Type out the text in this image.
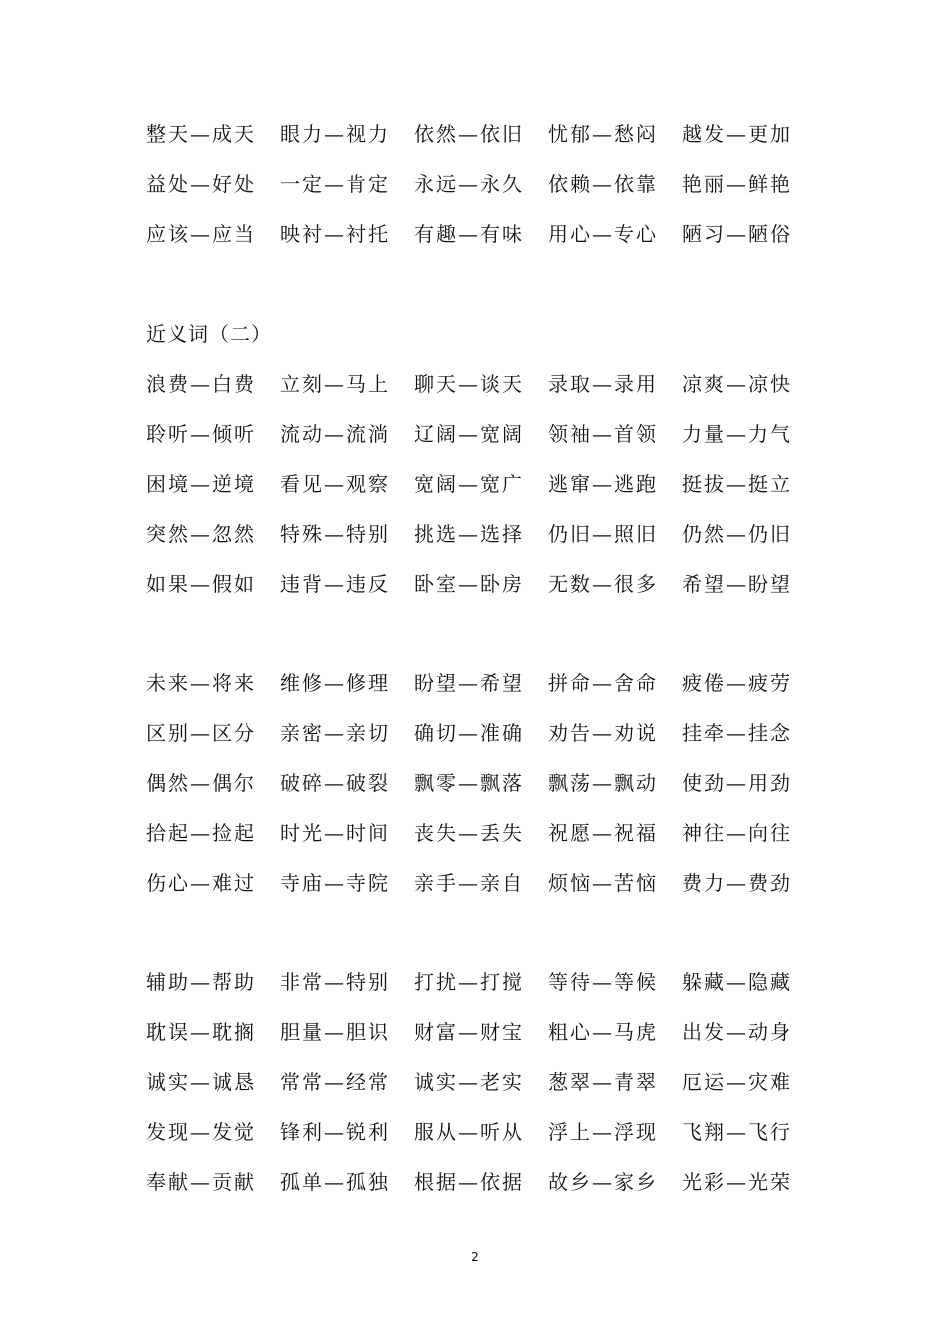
整天—成天 眼力—视力 依然—依旧 忧郁—愁闷 越发—更加
益处—好处 一定—肯定 永远—永久 依赖—依靠 艳丽—鲜艳
应该—应当 映衬—衬托 有趣—有味 用心—专心 陋习—陋俗
近义词（二）
浪费—白费 立刻—马上 聊天—谈天 录取—录用 凉爽—凉快
聆听—倾听 流动—流淌 辽阔—宽阔 领袖—首领 力量—力气
困境—逆境 看见—观察 宽阔—宽广 逃窜—逃跑 挺拔—挺立
突然—忽然 特殊—特别 挑选—选择 仍旧—照旧 仍然—仍旧
如果—假如 违背—违反 卧室—卧房 无数—很多 希望—盼望
未来—将来 维修—修理 盼望—希望 拼命—舍命 疲倦—疲劳
区别—区分 亲密—亲切 确切—准确 劝告—劝说 挂牵—挂念
偶然—偶尔 破碎—破裂 飘零—飘落 飘荡—飘动 使劲—用劲
拾起—捡起 时光—时间 丧失—丢失 祝愿—祝福 神往—向往
伤心—难过 寺庙—寺院 亲手—亲自 烦恼—苦恼 费力—费劲
辅助—帮助 非常—特别 打扰—打搅 等待—等候 躲藏—隐藏
耽误—耽搁 胆量—胆识 财富—财宝 粗心—马虎 出发—动身
诚实—诚恳 常常—经常 诚实—老实 葱翠—青翠 厄运—灾难
发现—发觉 锋利—锐利 服从—听从 浮上—浮现 飞翔—飞行
奉献—贡献 孤单—孤独 根据—依据 故乡—家乡 光彩—光荣
2
